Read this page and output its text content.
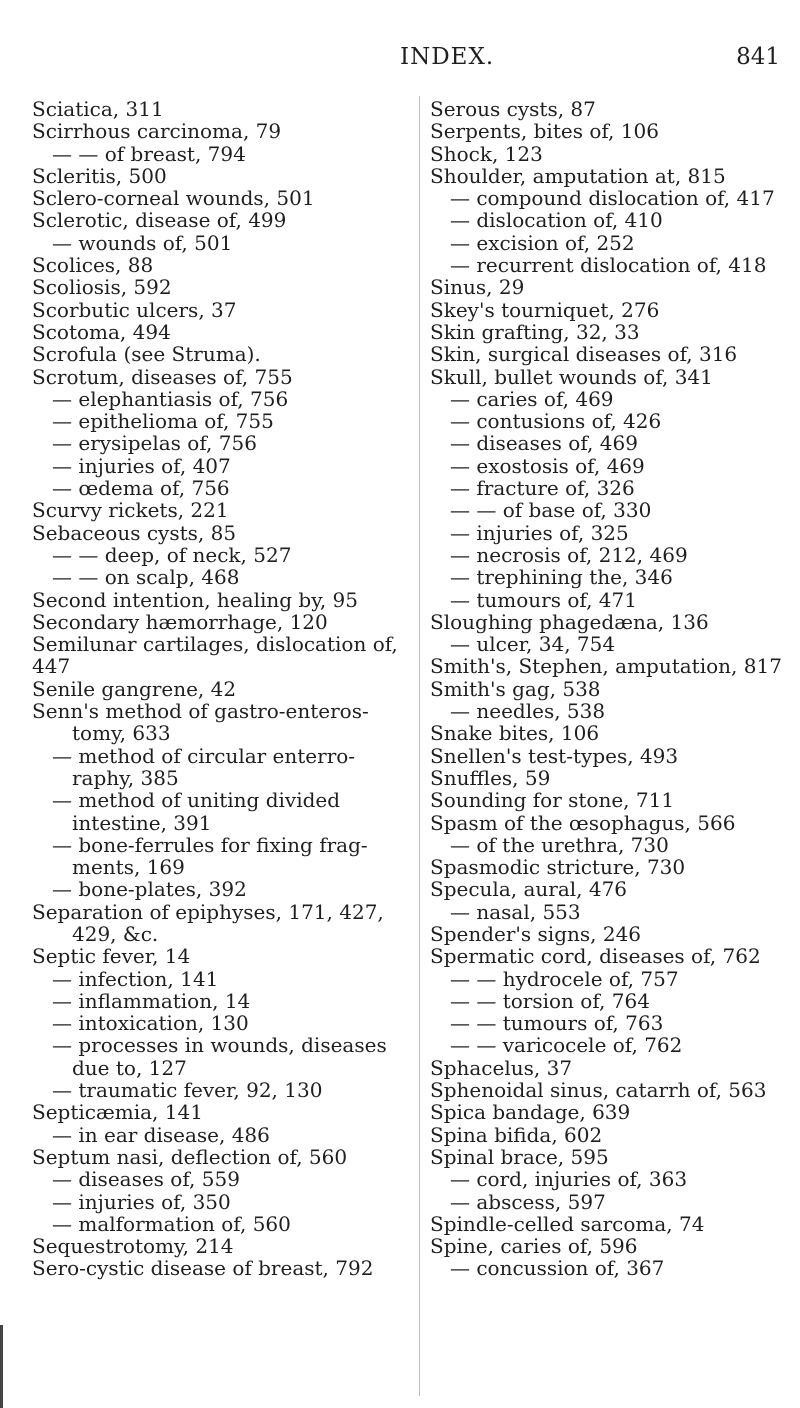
INDEX.	841
Sciatica, 311
Scirrhous carcinoma, 79
— — of breast, 794
Scleritis, 500
Sclero-corneal wounds, 501
Sclerotic, disease of, 499
— wounds of, 501
Scolices, 88
Scoliosis, 592
Scorbutic ulcers, 37
Scotoma, 494
Scrofula (see Struma).
Scrotum, diseases of, 755
— elephantiasis of, 756
— epithelioma of, 755
— erysipelas of, 756
— injuries of, 407
— œdema of, 756
Scurvy rickets, 221
Sebaceous cysts, 85
— — deep, of neck, 527
— — on scalp, 468
Second intention, healing by, 95
Secondary hæmorrhage, 120
Semilunar cartilages, dislocation of,
447
Senile gangrene, 42
Senn's method of gastro-enteros-
tomy, 633
— method of circular enterro-
raphy, 385
— method of uniting divided
intestine, 391
— bone-ferrules for fixing frag-
ments, 169
— bone-plates, 392
Separation of epiphyses, 171, 427,
429, &c.
Septic fever, 14
— infection, 141
— inflammation, 14
— intoxication, 130
— processes in wounds, diseases
due to, 127
— traumatic fever, 92, 130
Septicæmia, 141
— in ear disease, 486
Septum nasi, deflection of, 560
— diseases of, 559
— injuries of, 350
— malformation of, 560
Sequestrotomy, 214
Sero-cystic disease of breast, 792
Serous cysts, 87
Serpents, bites of, 106
Shock, 123
Shoulder, amputation at, 815
— compound dislocation of, 417
— dislocation of, 410
— excision of, 252
— recurrent dislocation of, 418
Sinus, 29
Skey's tourniquet, 276
Skin grafting, 32, 33
Skin, surgical diseases of, 316
Skull, bullet wounds of, 341
— caries of, 469
— contusions of, 426
— diseases of, 469
— exostosis of, 469
— fracture of, 326
— — of base of, 330
— injuries of, 325
— necrosis of, 212, 469
— trephining the, 346
— tumours of, 471
Sloughing phagedæna, 136
— ulcer, 34, 754
Smith's, Stephen, amputation, 817
Smith's gag, 538
— needles, 538
Snake bites, 106
Snellen's test-types, 493
Snuffles, 59
Sounding for stone, 711
Spasm of the œsophagus, 566
— of the urethra, 730
Spasmodic stricture, 730
Specula, aural, 476
— nasal, 553
Spender's signs, 246
Spermatic cord, diseases of, 762
— — hydrocele of, 757
— — torsion of, 764
— — tumours of, 763
— — varicocele of, 762
Sphacelus, 37
Sphenoidal sinus, catarrh of, 563
Spica bandage, 639
Spina bifida, 602
Spinal brace, 595
— cord, injuries of, 363
— abscess, 597
Spindle-celled sarcoma, 74
Spine, caries of, 596
— concussion of, 367
